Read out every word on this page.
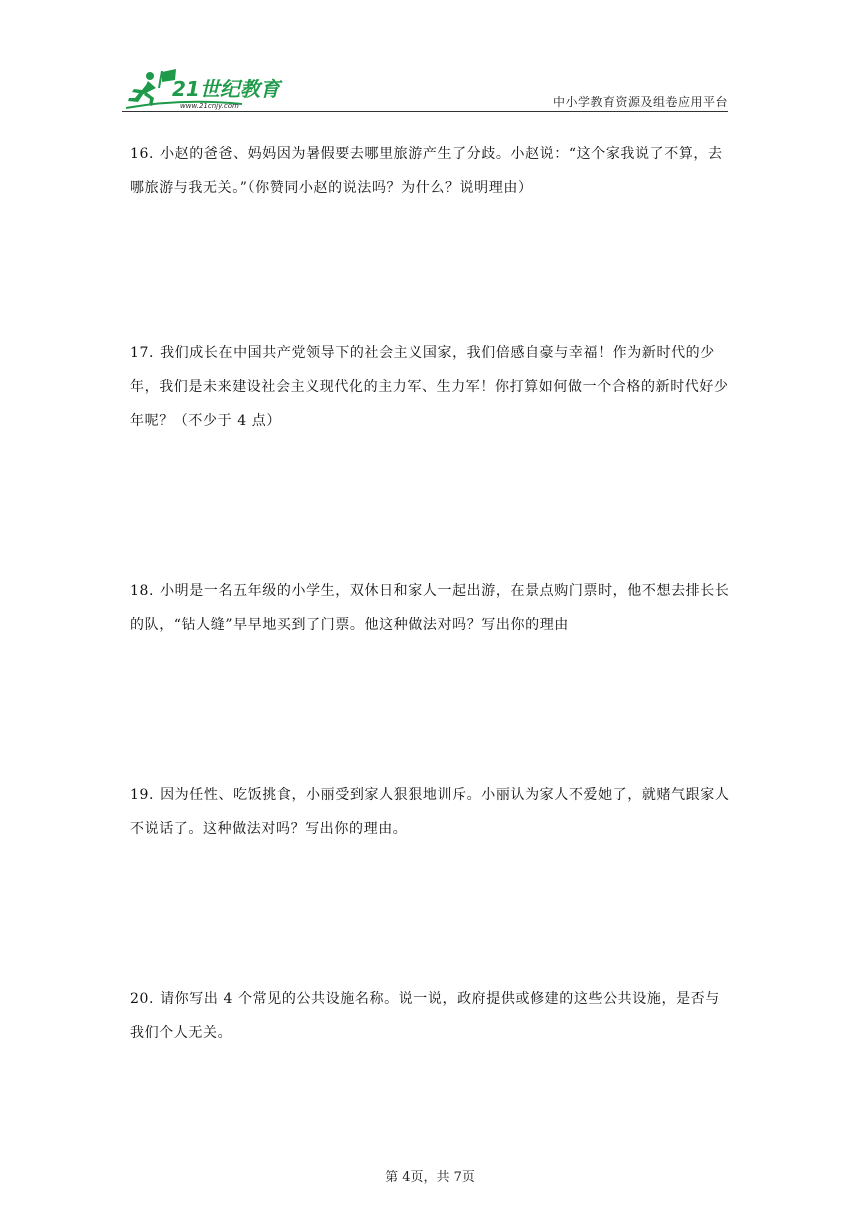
21世纪教育
www.21cnjy.com	中小学教育资源及组卷应用平台

16. 小赵的爸爸、妈妈因为暑假要去哪里旅游产生了分歧。小赵说：“这个家我说了不算，去哪旅游与我无关。”（你赞同小赵的说法吗？为什么？说明理由）

17. 我们成长在中国共产党领导下的社会主义国家，我们倍感自豪与幸福！作为新时代的少年，我们是未来建设社会主义现代化的主力军、生力军！你打算如何做一个合格的新时代好少年呢？（不少于 4 点）

18. 小明是一名五年级的小学生，双休日和家人一起出游，在景点购门票时，他不想去排长长的队，“钻人缝”早早地买到了门票。他这种做法对吗？写出你的理由

19. 因为任性、吃饭挑食，小丽受到家人狠狠地训斥。小丽认为家人不爱她了，就赌气跟家人不说话了。这种做法对吗？写出你的理由。

20. 请你写出 4 个常见的公共设施名称。说一说，政府提供或修建的这些公共设施，是否与我们个人无关。

第 4页，共 7页
